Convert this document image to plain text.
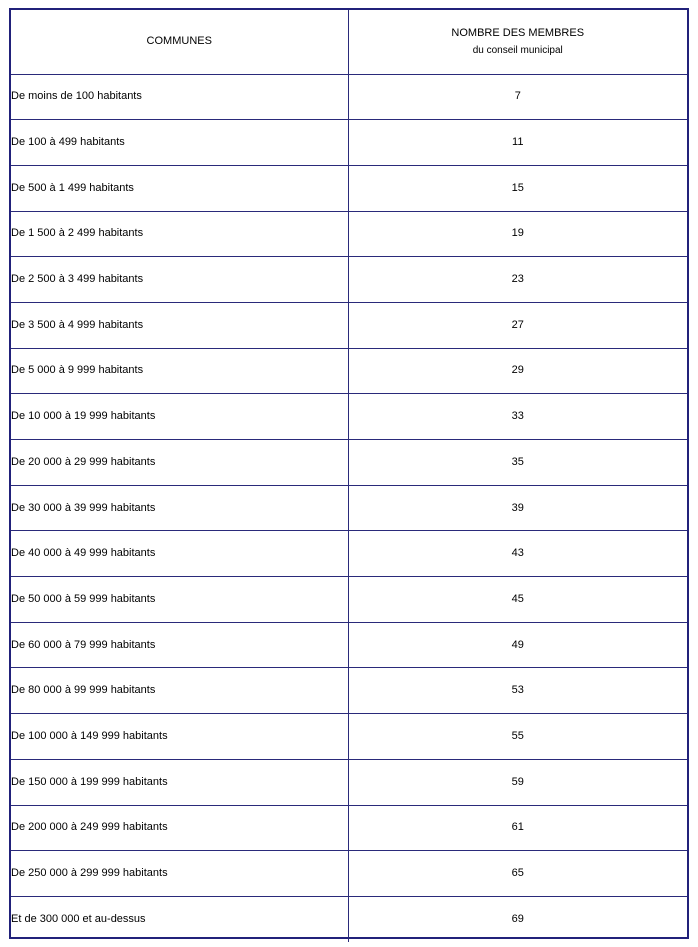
COMMUNES	NOMBRE DES MEMBRES
du conseil municipal

De moins de 100 habitants	7
De 100 à 499 habitants	11
De 500 à 1 499 habitants	15
De 1 500 à 2 499 habitants	19
De 2 500 à 3 499 habitants	23
De 3 500 à 4 999 habitants	27
De 5 000 à 9 999 habitants	29
De 10 000 à 19 999 habitants	33
De 20 000 à 29 999 habitants	35
De 30 000 à 39 999 habitants	39
De 40 000 à 49 999 habitants	43
De 50 000 à 59 999 habitants	45
De 60 000 à 79 999 habitants	49
De 80 000 à 99 999 habitants	53
De 100 000 à 149 999 habitants	55
De 150 000 à 199 999 habitants	59
De 200 000 à 249 999 habitants	61
De 250 000 à 299 999 habitants	65
Et de 300 000 et au-dessus	69
